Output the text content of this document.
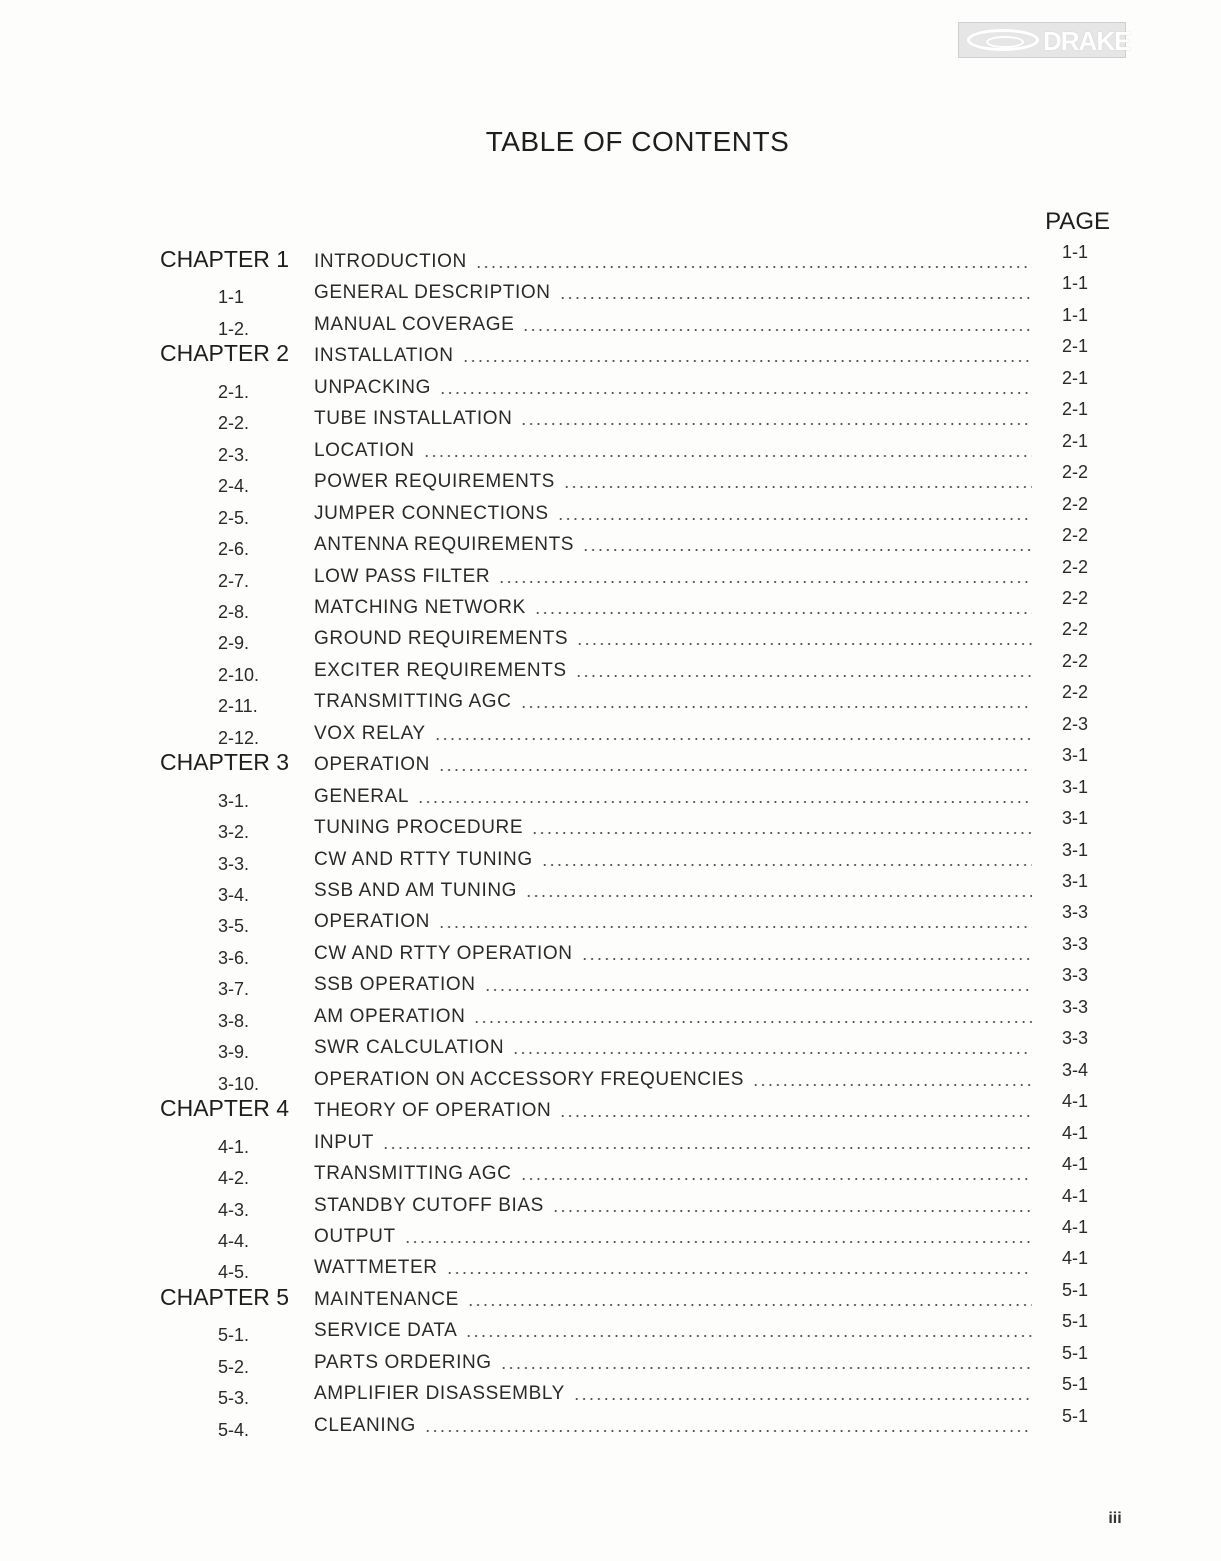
DRAKE
TABLE OF CONTENTS
PAGE
CHAPTER 1	INTRODUCTION	1-1
1-1	GENERAL DESCRIPTION	1-1
1-2.	MANUAL COVERAGE	1-1
CHAPTER 2	INSTALLATION	2-1
2-1.	UNPACKING	2-1
2-2.	TUBE INSTALLATION	2-1
2-3.	LOCATION	2-1
2-4.	POWER REQUIREMENTS	2-2
2-5.	JUMPER CONNECTIONS	2-2
2-6.	ANTENNA REQUIREMENTS	2-2
2-7.	LOW PASS FILTER	2-2
2-8.	MATCHING NETWORK	2-2
2-9.	GROUND REQUIREMENTS	2-2
2-10.	EXCITER REQUIREMENTS	2-2
2-11.	TRANSMITTING AGC	2-2
2-12.	VOX RELAY	2-3
CHAPTER 3	OPERATION	3-1
3-1.	GENERAL	3-1
3-2.	TUNING PROCEDURE	3-1
3-3.	CW AND RTTY TUNING	3-1
3-4.	SSB AND AM TUNING	3-1
3-5.	OPERATION	3-3
3-6.	CW AND RTTY OPERATION	3-3
3-7.	SSB OPERATION	3-3
3-8.	AM OPERATION	3-3
3-9.	SWR CALCULATION	3-3
3-10.	OPERATION ON ACCESSORY FREQUENCIES	3-4
CHAPTER 4	THEORY OF OPERATION	4-1
4-1.	INPUT	4-1
4-2.	TRANSMITTING AGC	4-1
4-3.	STANDBY CUTOFF BIAS	4-1
4-4.	OUTPUT	4-1
4-5.	WATTMETER	4-1
CHAPTER 5	MAINTENANCE	5-1
5-1.	SERVICE DATA	5-1
5-2.	PARTS ORDERING	5-1
5-3.	AMPLIFIER DISASSEMBLY	5-1
5-4.	CLEANING	5-1
iii
